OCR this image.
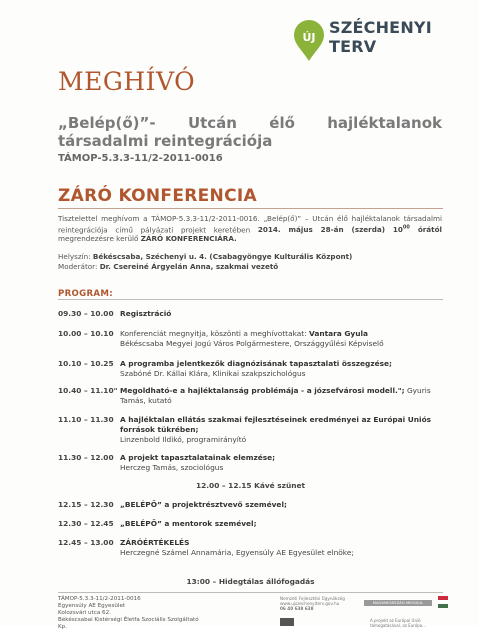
ÚJ
SZÉCHENYI TERV
MEGHÍVÓ
„Belép(ő)”- Utcán élő hajléktalanok
társadalmi reintegrációja
TÁMOP-5.3.3-11/2-2011-0016
ZÁRÓ KONFERENCIA
Tisztelettel meghívom a TÁMOP-5.3.3-11/2-2011-0016. „Belép(ő)” – Utcán élő hajléktalanok társadalmi reintegrációja című pályázati projekt keretében 2014. május 28-án (szerda) $10^{00}$ órától megrendezésre kerülő ZÁRÓ KONFERENCIÁRA.
Helyszín: Békéscsaba, Széchenyi u. 4. (Csabagyöngye Kulturális Központ)
Moderátor: Dr. Csereiné Árgyelán Anna, szakmai vezető
PROGRAM:
09.30 – 10.00 Regisztráció
10.00 – 10.10 Konferenciát megnyitja, köszönti a meghívottakat: Vantara Gyula
Békéscsaba Megyei Jogú Város Polgármestere, Országgyűlési Képviselő
10.10 – 10.25 A programba jelentkezők diagnózisának tapasztalati összegzése;
Szabóné Dr. Kállai Klára, Klinikai szakpszichológus
10.40 – 11.10" Megoldható-e a hajléktalanság problémája - a józsefvárosi modell."; Gyuris Tamás, kutató
11.10 – 11.30 A hajléktalan ellátás szakmai fejlesztéseinek eredményei az Európai Uniós források tükrében;
Linzenbold Ildikó, programirányító
11.30 – 12.00 A projekt tapasztalatainak elemzése;
Herczeg Tamás, szociológus
12.00 – 12.15 Kávé szünet
12.15 – 12.30 „BELÉPŐ” a projektrésztvevő szemével;
12.30 – 12.45 „BELÉPŐ” a mentorok szemével;
12.45 – 13.00 ZÁRÓÉRTÉKELÉS
Herczegné Számel Annamária, Egyensúly AE Egyesület elnöke;
13:00 – Hidegtálas állófogadás
TÁMOP-5.3.3-11/2-2011-0016
Egyensúly AE Egyesület
Kolozsvári utca 62.
Békéscsabai Kistérségi Életfa Szociális Szolgáltató Kp.
Nemzeti Fejlesztési Ügynökség
www.ujszechenyiterv.gov.hu
06 40 638 638
MAGYARORSZÁG MEGÚJUL
A projekt az Európai Unió támogatásával, az Európa...
